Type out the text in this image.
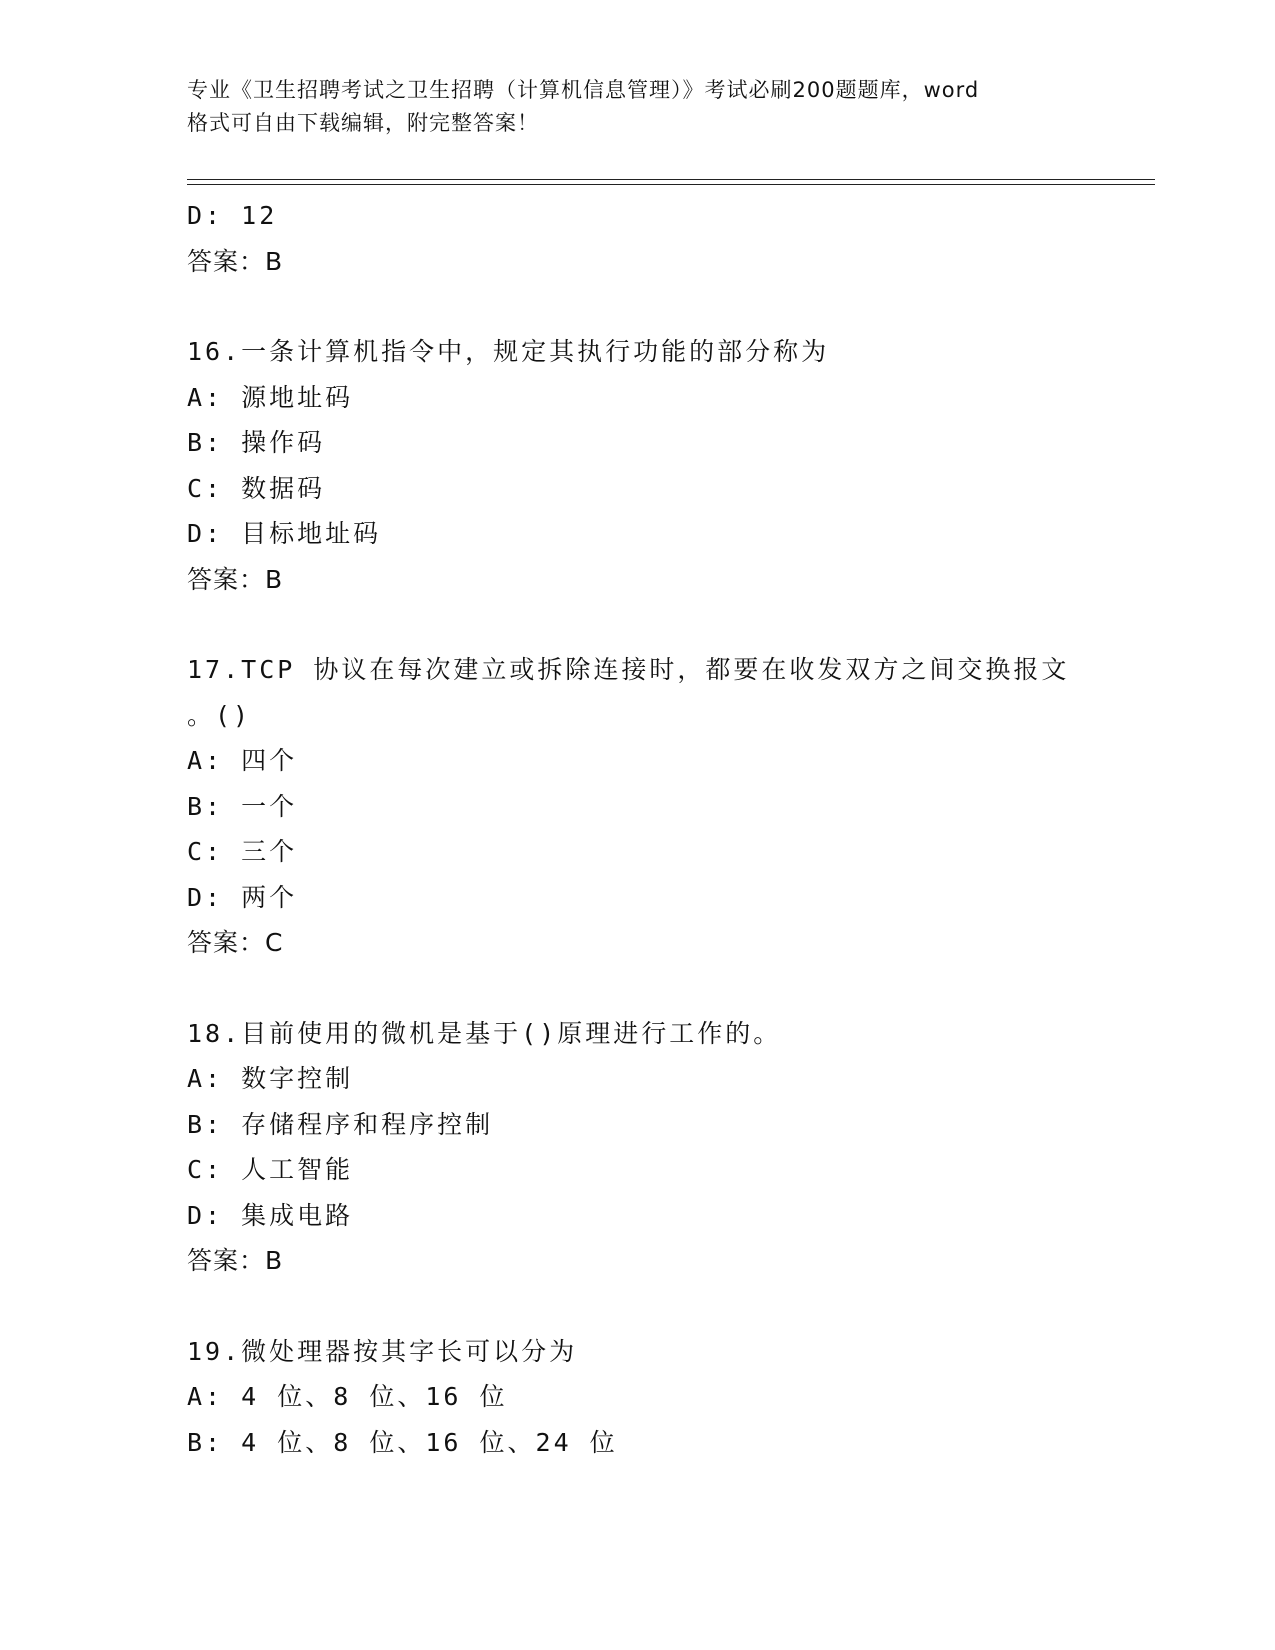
专业《卫生招聘考试之卫生招聘（计算机信息管理）》考试必刷200题题库，word
格式可自由下载编辑，附完整答案！
D: 12
答案：B
16.一条计算机指令中，规定其执行功能的部分称为
A: 源地址码
B: 操作码
C: 数据码
D: 目标地址码
答案：B
17.TCP 协议在每次建立或拆除连接时，都要在收发双方之间交换报文
。()
A: 四个
B: 一个
C: 三个
D: 两个
答案：C
18.目前使用的微机是基于()原理进行工作的。
A: 数字控制
B: 存储程序和程序控制
C: 人工智能
D: 集成电路
答案：B
19.微处理器按其字长可以分为
A: 4 位、8 位、16 位
B: 4 位、8 位、16 位、24 位
